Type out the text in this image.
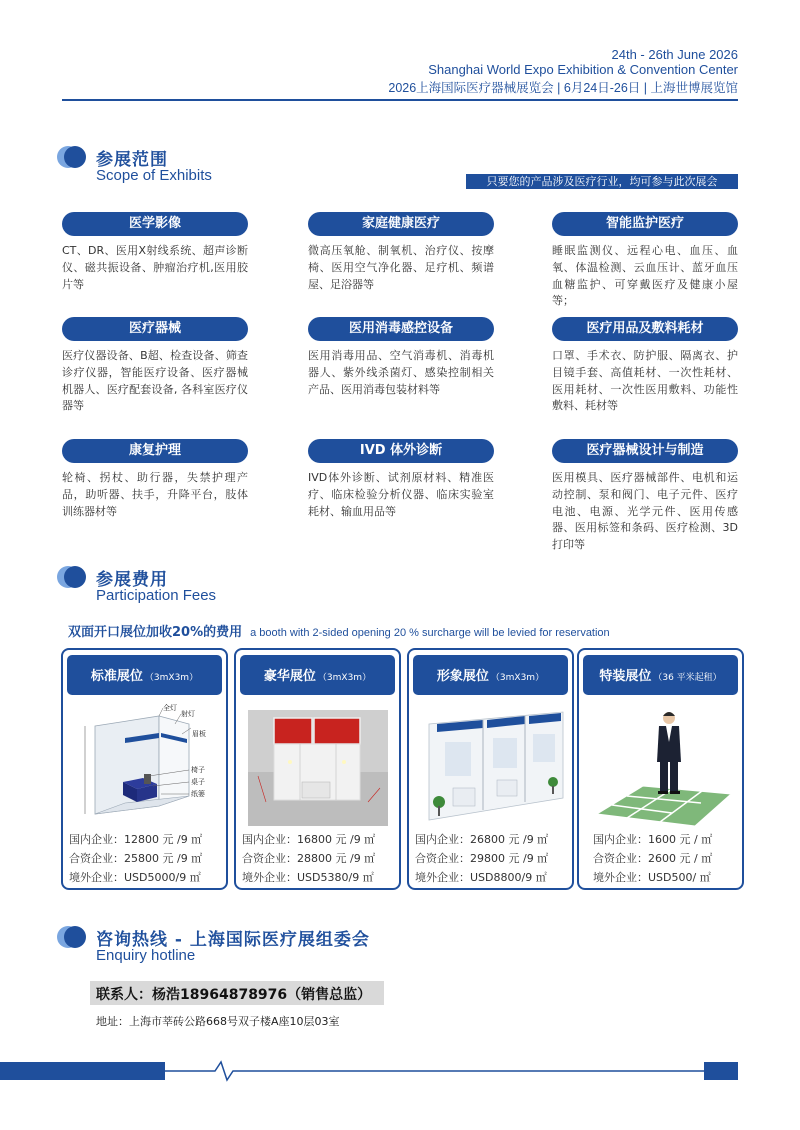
24th - 26th June 2026
Shanghai World Expo Exhibition & Convention Center
2026上海国际医疗器械展览会 | 6月24日-26日 | 上海世博展览馆
参展范围
Scope of Exhibits	只要您的产品涉及医疗行业，均可参与此次展会
医学影像
CT、DR、医用X射线系统、超声诊断仪、磁共振设备、肿瘤治疗机,医用胶片等
家庭健康医疗
微高压氧舱、制氧机、治疗仪、按摩椅、医用空气净化器、足疗机、频谱屋、足浴器等
智能监护医疗
睡眠监测仪、远程心电、血压、血氧、体温检测、云血压计、蓝牙血压血糖监护、可穿戴医疗及健康小屋等；
医疗器械
医疗仪器设备、B超、检查设备、筛查诊疗仪器，智能医疗设备、医疗器械机器人、医疗配套设备, 各科室医疗仪器等
医用消毒感控设备
医用消毒用品、空气消毒机、消毒机器人、紫外线杀菌灯、感染控制相关产品、医用消毒包装材料等
医疗用品及敷料耗材
口罩、手术衣、防护服、隔离衣、护目镜手套、高值耗材、一次性耗材、医用耗材、一次性医用敷料、功能性敷料、耗材等
康复护理
轮椅、拐杖、助行器，失禁护理产品，助听器、扶手，升降平台，肢体训练器材等
IVD 体外诊断
IVD体外诊断、试剂原材料、精准医疗、临床检验分析仪器、临床实验室耗材、输血用品等
医疗器械设计与制造
医用模具、医疗器械部件、电机和运动控制、泵和阀门、电子元件、医疗电池、电源、光学元件、医用传感器、医用标签和条码、医疗检测、3D打印等
参展费用
Participation Fees
双面开口展位加收20%的费用 a booth with 2-sided opening 20 % surcharge will be levied for reservation
标准展位 （3mX3m）
全灯
射灯
眉板
椅子
桌子
纸篓
国内企业：12800 元 /9 ㎡
合资企业：25800 元 /9 ㎡
境外企业：USD5000/9 ㎡
豪华展位 （3mX3m）
国内企业：16800 元 /9 ㎡
合资企业：28800 元 /9 ㎡
境外企业：USD5380/9 ㎡
形象展位 （3mX3m）
国内企业：26800 元 /9 ㎡
合资企业：29800 元 /9 ㎡
境外企业：USD8800/9 ㎡
特装展位 （36 平米起租）
国内企业：1600 元 / ㎡
合资企业：2600 元 / ㎡
境外企业：USD500/ ㎡
咨询热线 - 上海国际医疗展组委会
Enquiry hotline
联系人：杨浩18964878976（销售总监）
地址：上海市莘砖公路668号双子楼A座10层03室
